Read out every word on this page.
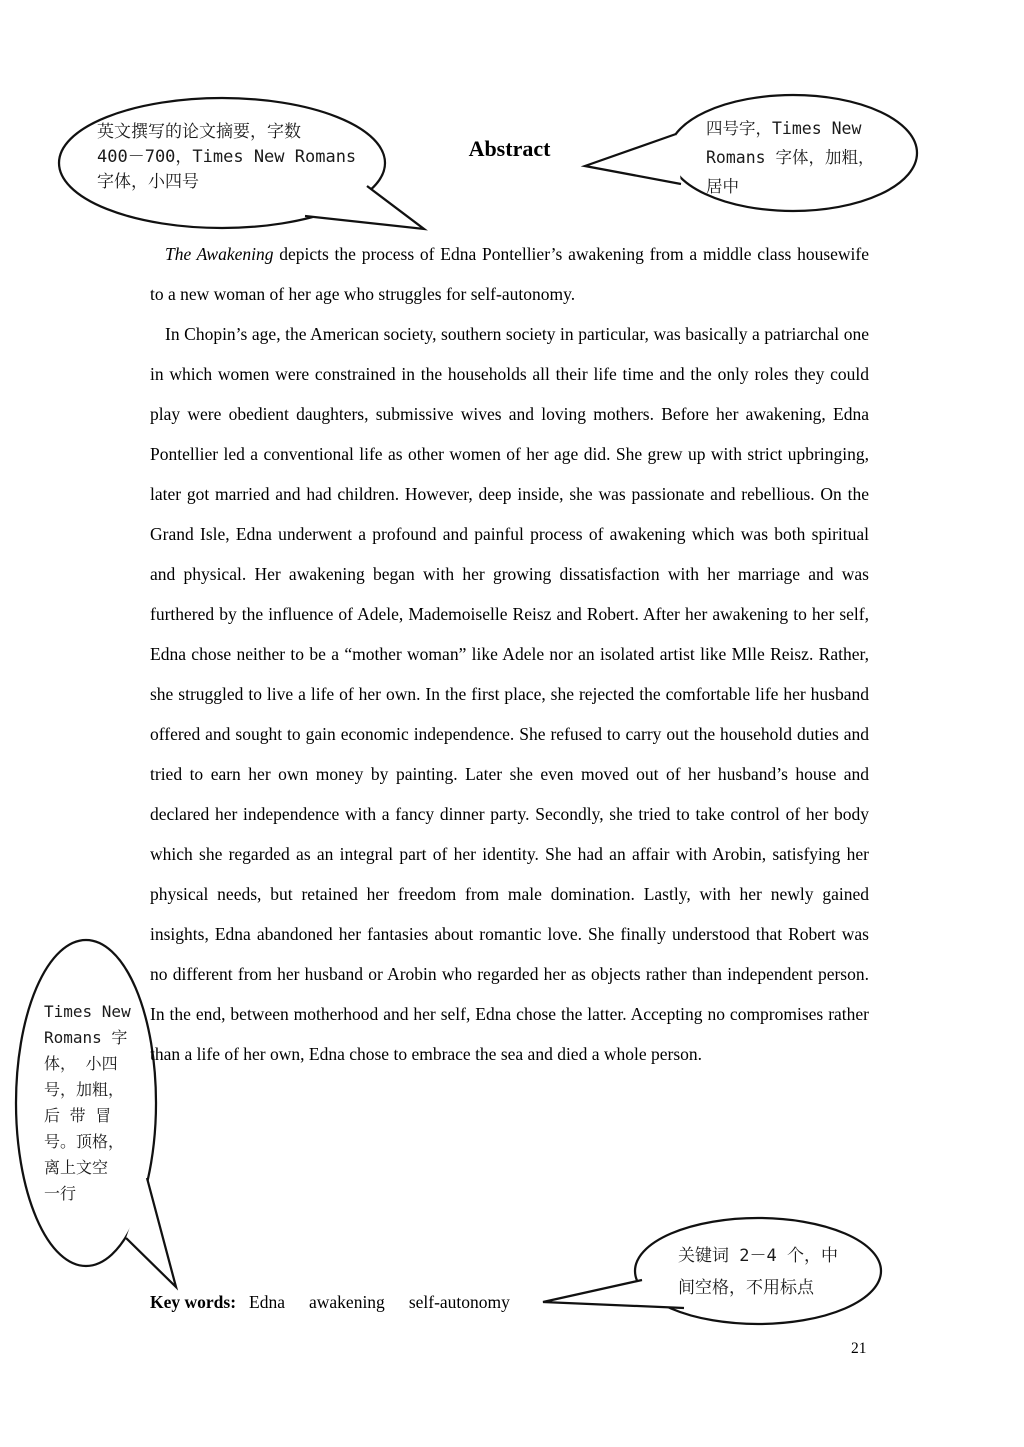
Abstract
英文撰写的论文摘要，字数
400－700，Times New Romans
字体，小四号
四号字，Times New
Romans 字体，加粗，
居中
Times New
Romans 字
体， 小四
号，加粗，
后 带 冒
号。顶格，
离上文空
一行
关键词 2－4 个，中
间空格，不用标点

The Awakening depicts the process of Edna Pontellier’s awakening from a middle class housewife to a new woman of her age who struggles for self-autonomy.

In Chopin’s age, the American society, southern society in particular, was basically a patriarchal one in which women were constrained in the households all their life time and the only roles they could play were obedient daughters, submissive wives and loving mothers. Before her awakening, Edna Pontellier led a conventional life as other women of her age did. She grew up with strict upbringing, later got married and had children. However, deep inside, she was passionate and rebellious. On the Grand Isle, Edna underwent a profound and painful process of awakening which was both spiritual and physical. Her awakening began with her growing dissatisfaction with her marriage and was furthered by the influence of Adele, Mademoiselle Reisz and Robert. After her awakening to her self, Edna chose neither to be a “mother woman” like Adele nor an isolated artist like Mlle Reisz. Rather, she struggled to live a life of her own. In the first place, she rejected the comfortable life her husband offered and sought to gain economic independence. She refused to carry out the household duties and tried to earn her own money by painting. Later she even moved out of her husband’s house and declared her independence with a fancy dinner party. Secondly, she tried to take control of her body which she regarded as an integral part of her identity. She had an affair with Arobin, satisfying her physical needs, but retained her freedom from male domination. Lastly, with her newly gained insights, Edna abandoned her fantasies about romantic love. She finally understood that Robert was no different from her husband or Arobin who regarded her as objects rather than independent person. In the end, between motherhood and her self, Edna chose the latter. Accepting no compromises rather than a life of her own, Edna chose to embrace the sea and died a whole person.

Key words: Edna awakening self-autonomy
21
